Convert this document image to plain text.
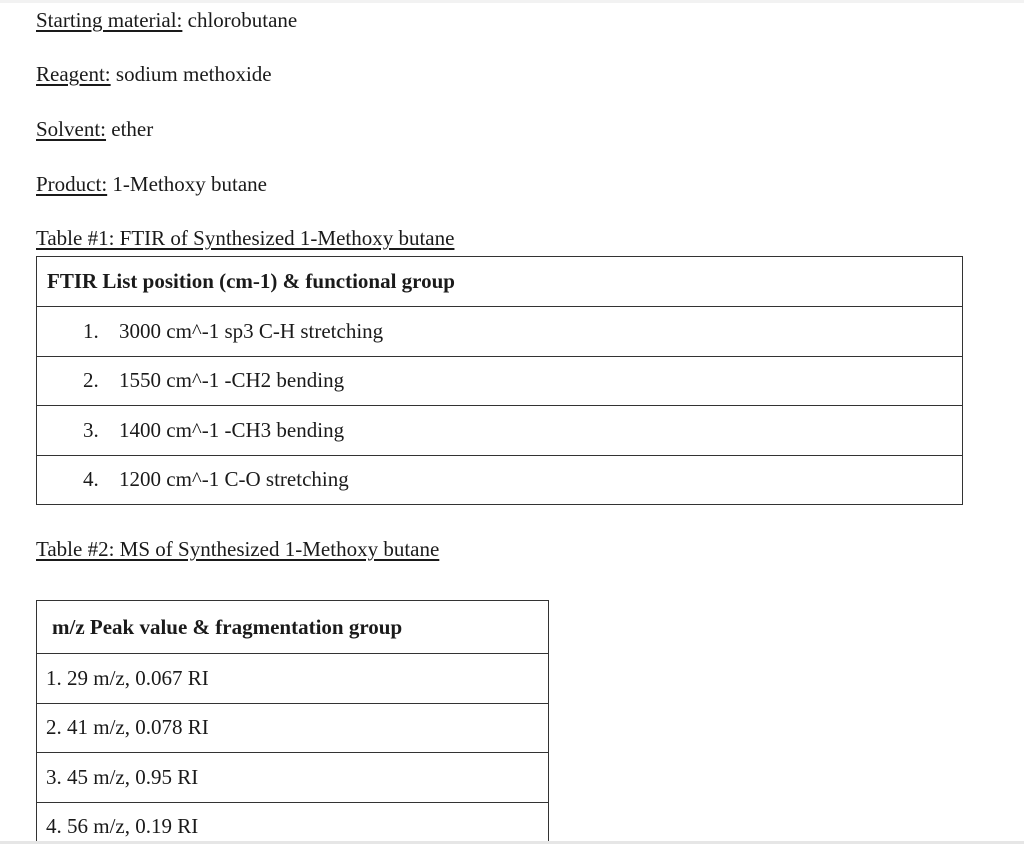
Starting material: chlorobutane
Reagent: sodium methoxide
Solvent: ether
Product: 1-Methoxy butane
Table #1: FTIR of Synthesized 1-Methoxy butane
FTIR List position (cm-1) & functional group
1. 3000 cm^-1 sp3 C-H stretching
2. 1550 cm^-1 -CH2 bending
3. 1400 cm^-1 -CH3 bending
4. 1200 cm^-1 C-O stretching
Table #2: MS of Synthesized 1-Methoxy butane
m/z Peak value & fragmentation group
1. 29 m/z, 0.067 RI
2. 41 m/z, 0.078 RI
3. 45 m/z, 0.95 RI
4. 56 m/z, 0.19 RI
